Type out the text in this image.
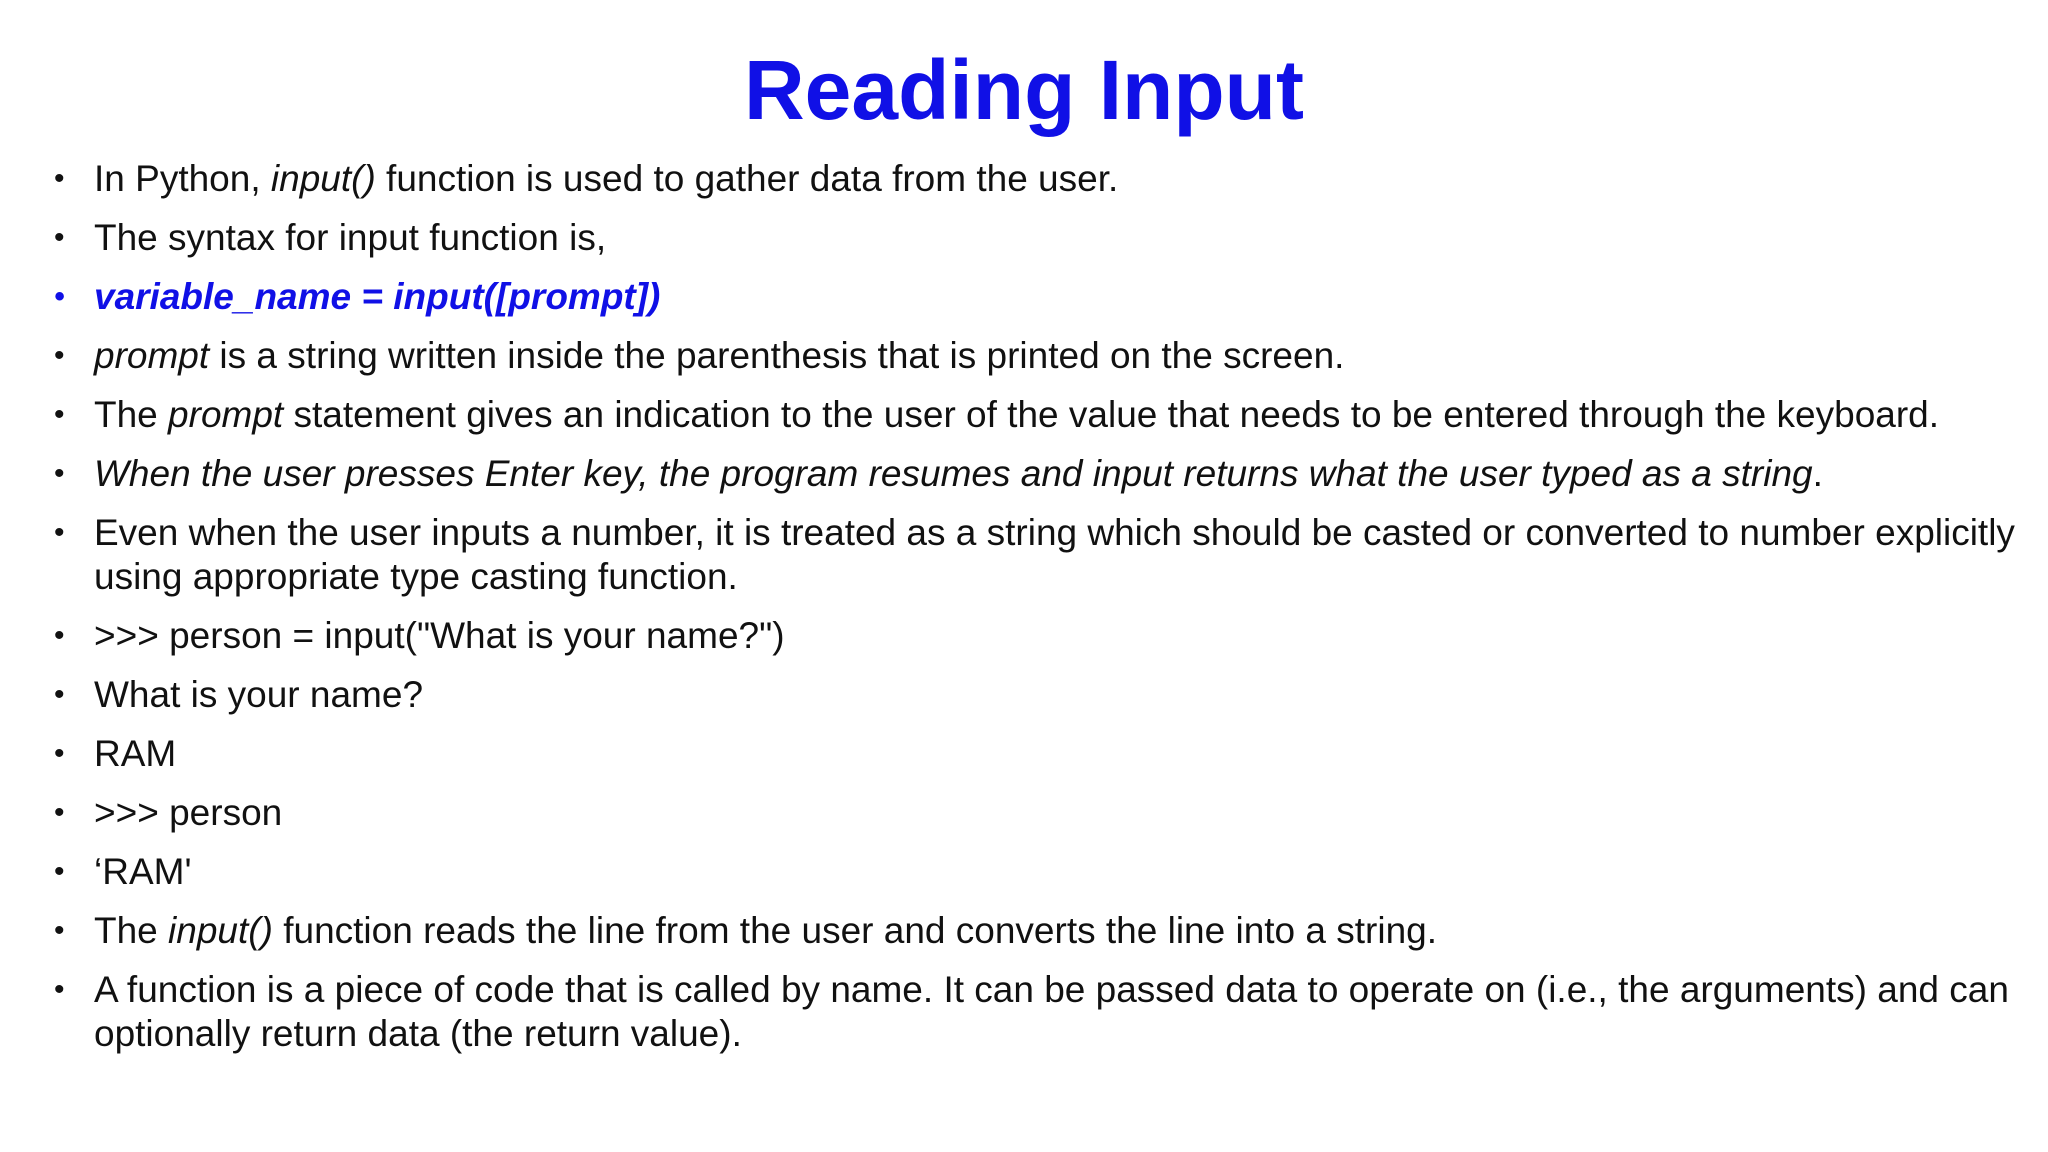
Reading Input
• In Python, input() function is used to gather data from the user.
• The syntax for input function is,
• variable_name = input([prompt])
• prompt is a string written inside the parenthesis that is printed on the screen.
• The prompt statement gives an indication to the user of the value that needs to be entered through the keyboard.
• When the user presses Enter key, the program resumes and input returns what the user typed as a string.
• Even when the user inputs a number, it is treated as a string which should be casted or converted to number explicitly using appropriate type casting function.
• >>> person = input("What is your name?")
• What is your name?
• RAM
• >>> person
• ‘RAM'
• The input() function reads the line from the user and converts the line into a string.
• A function is a piece of code that is called by name. It can be passed data to operate on (i.e., the arguments) and can optionally return data (the return value).
